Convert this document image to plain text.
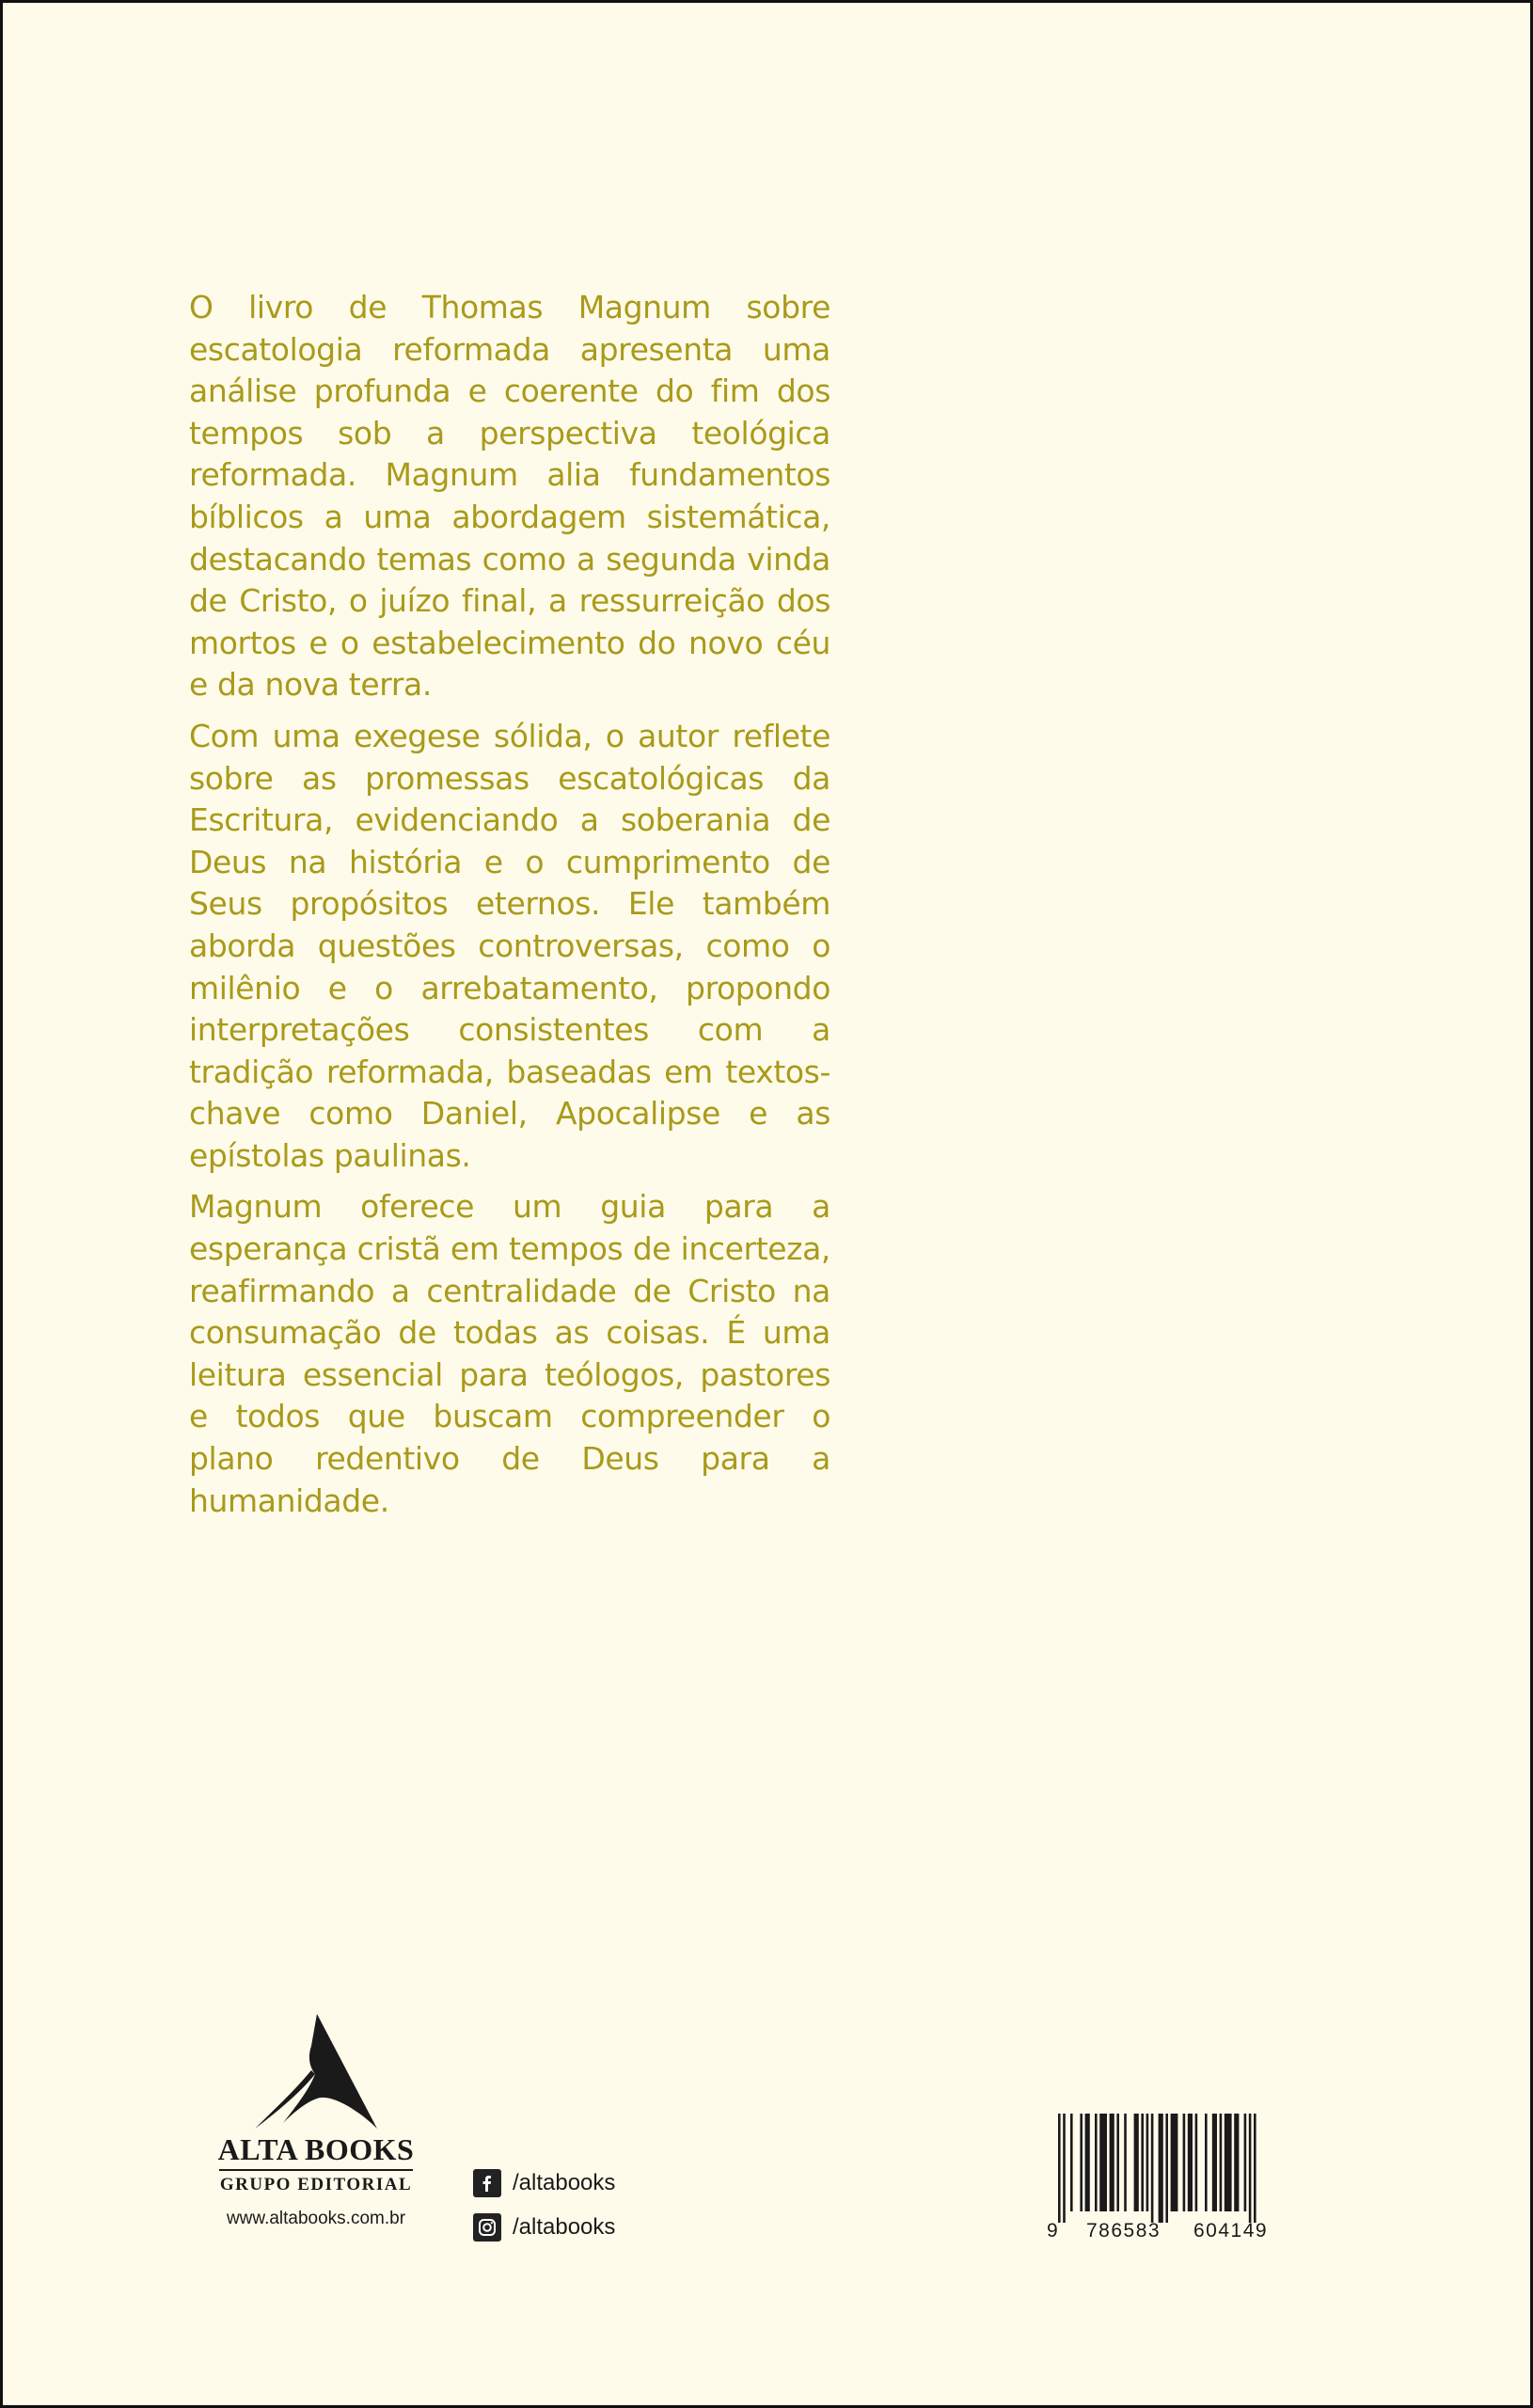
O livro de Thomas Magnum sobre escatologia reformada apresenta uma análise profunda e coerente do fim dos tempos sob a perspectiva teológica reformada. Magnum alia fundamentos bíblicos a uma abordagem sistemática, destacando temas como a segunda vinda de Cristo, o juízo final, a ressurreição dos mortos e o estabelecimento do novo céu e da nova terra.

Com uma exegese sólida, o autor reflete sobre as promessas escatológicas da Escritura, evidenciando a soberania de Deus na história e o cumprimento de Seus propósitos eternos. Ele também aborda questões controversas, como o milênio e o arrebatamento, propondo interpretações consistentes com a tradição reformada, baseadas em textos-chave como Daniel, Apocalipse e as epístolas paulinas.

Magnum oferece um guia para a esperança cristã em tempos de incerteza, reafirmando a centralidade de Cristo na consumação de todas as coisas. É uma leitura essencial para teólogos, pastores e todos que buscam compreender o plano redentivo de Deus para a humanidade.

ALTA BOOKS
GRUPO EDITORIAL
www.altabooks.com.br
/altabooks
/altabooks	9 786583 604149
